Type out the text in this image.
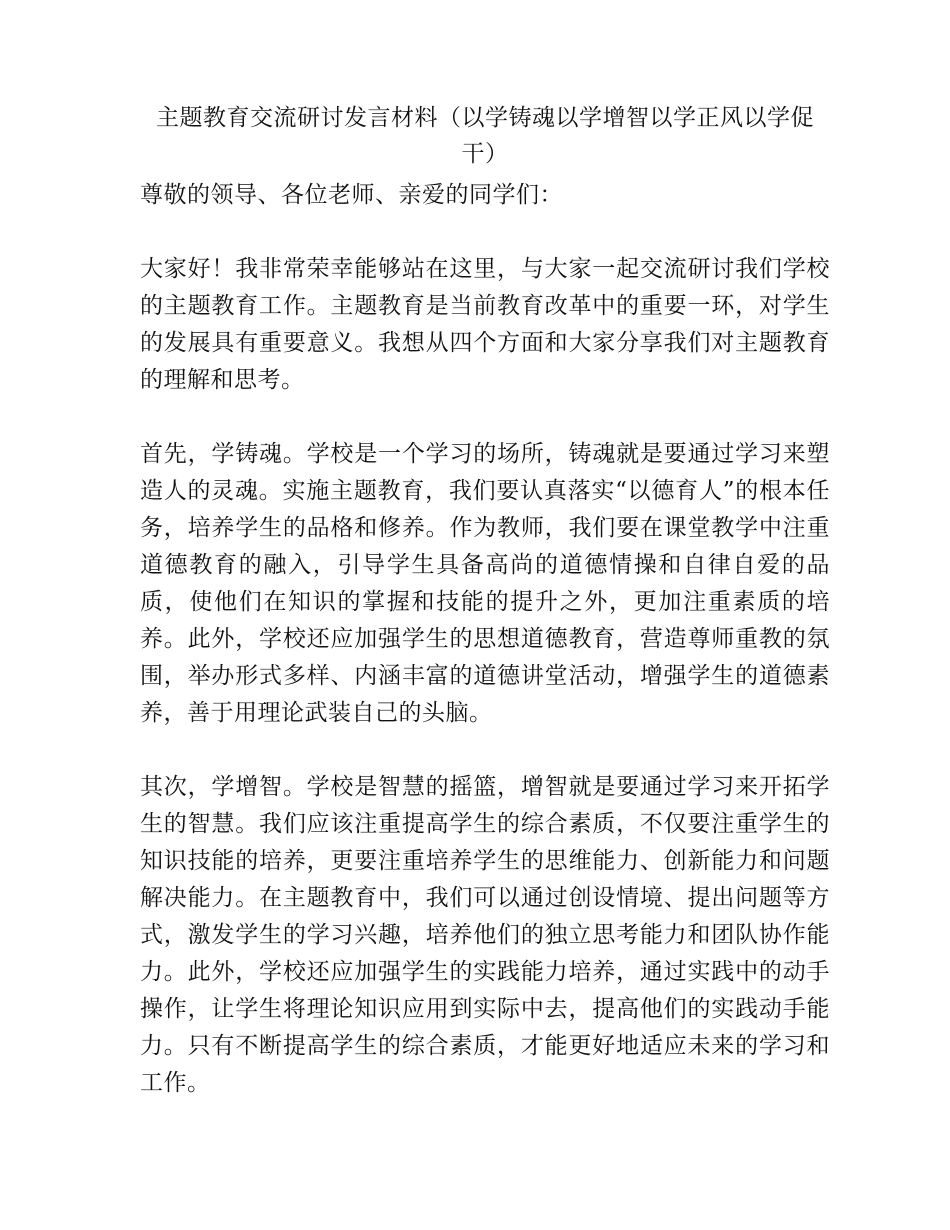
主题教育交流研讨发言材料（以学铸魂以学增智以学正风以学促干）

尊敬的领导、各位老师、亲爱的同学们：

大家好！我非常荣幸能够站在这里，与大家一起交流研讨我们学校的主题教育工作。主题教育是当前教育改革中的重要一环，对学生的发展具有重要意义。我想从四个方面和大家分享我们对主题教育的理解和思考。

首先，学铸魂。学校是一个学习的场所，铸魂就是要通过学习来塑造人的灵魂。实施主题教育，我们要认真落实“以德育人”的根本任务，培养学生的品格和修养。作为教师，我们要在课堂教学中注重道德教育的融入，引导学生具备高尚的道德情操和自律自爱的品质，使他们在知识的掌握和技能的提升之外，更加注重素质的培养。此外，学校还应加强学生的思想道德教育，营造尊师重教的氛围，举办形式多样、内涵丰富的道德讲堂活动，增强学生的道德素养，善于用理论武装自己的头脑。

其次，学增智。学校是智慧的摇篮，增智就是要通过学习来开拓学生的智慧。我们应该注重提高学生的综合素质，不仅要注重学生的知识技能的培养，更要注重培养学生的思维能力、创新能力和问题解决能力。在主题教育中，我们可以通过创设情境、提出问题等方式，激发学生的学习兴趣，培养他们的独立思考能力和团队协作能力。此外，学校还应加强学生的实践能力培养，通过实践中的动手操作，让学生将理论知识应用到实际中去，提高他们的实践动手能力。只有不断提高学生的综合素质，才能更好地适应未来的学习和工作。
